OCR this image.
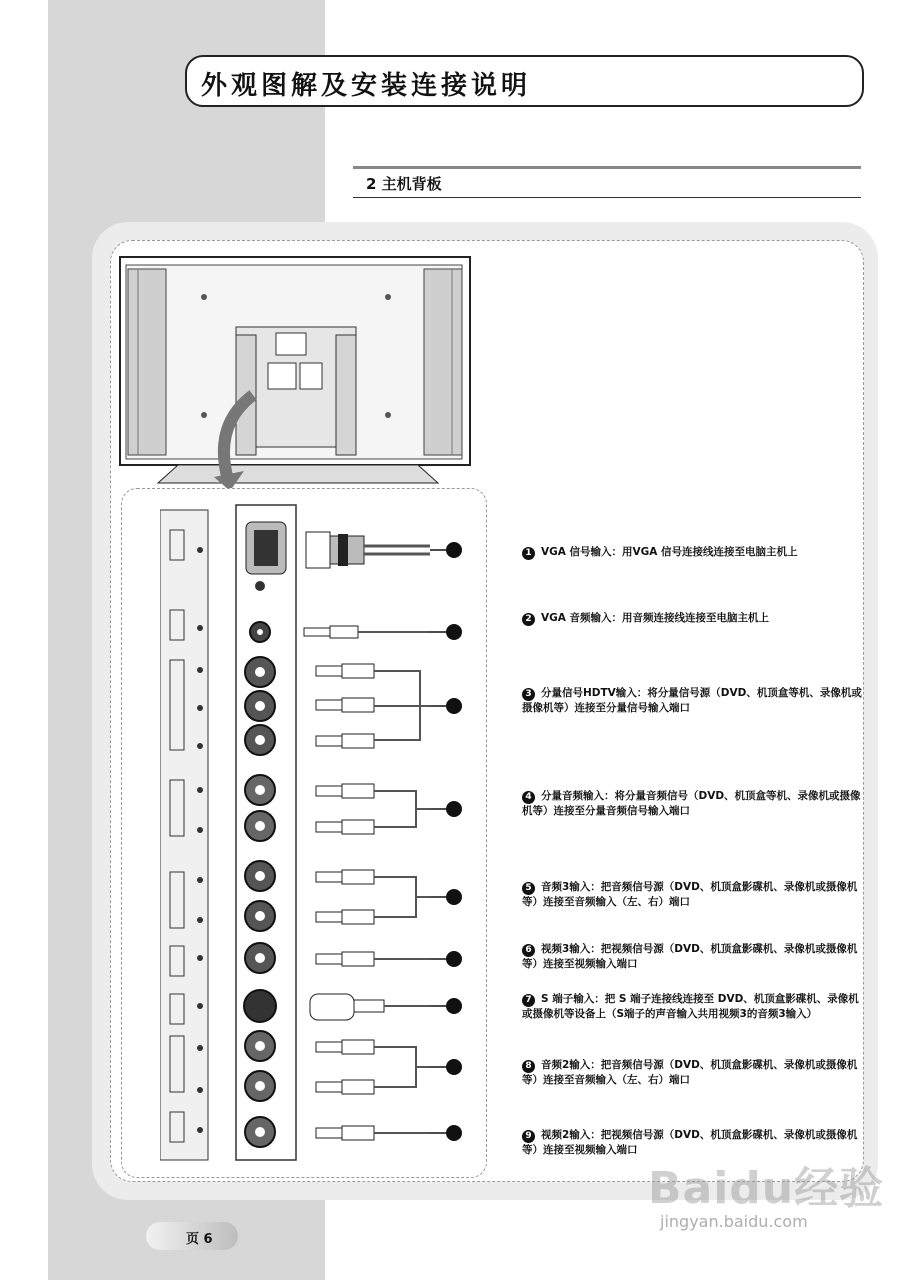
外观图解及安装连接说明
2 主机背板
1 VGA 信号输入：用VGA 信号连接线连接至电脑主机上
2 VGA 音频输入：用音频连接线连接至电脑主机上
3 分量信号HDTV输入：将分量信号源（DVD、机顶盒等机、录像机或摄像机等）连接至分量信号输入端口
4 分量音频输入：将分量音频信号（DVD、机顶盒等机、录像机或摄像机等）连接至分量音频信号输入端口
5 音频3输入：把音频信号源（DVD、机顶盒影碟机、录像机或摄像机等）连接至音频输入（左、右）端口
6 视频3输入：把视频信号源（DVD、机顶盒影碟机、录像机或摄像机等）连接至视频输入端口
7 S 端子输入：把 S 端子连接线连接至 DVD、机顶盒影碟机、录像机或摄像机等设备上（S端子的声音输入共用视频3的音频3输入）
8 音频2输入：把音频信号源（DVD、机顶盒影碟机、录像机或摄像机等）连接至音频输入（左、右）端口
9 视频2输入：把视频信号源（DVD、机顶盒影碟机、录像机或摄像机等）连接至视频输入端口
页 6
Baidu经验
jingyan.baidu.com
